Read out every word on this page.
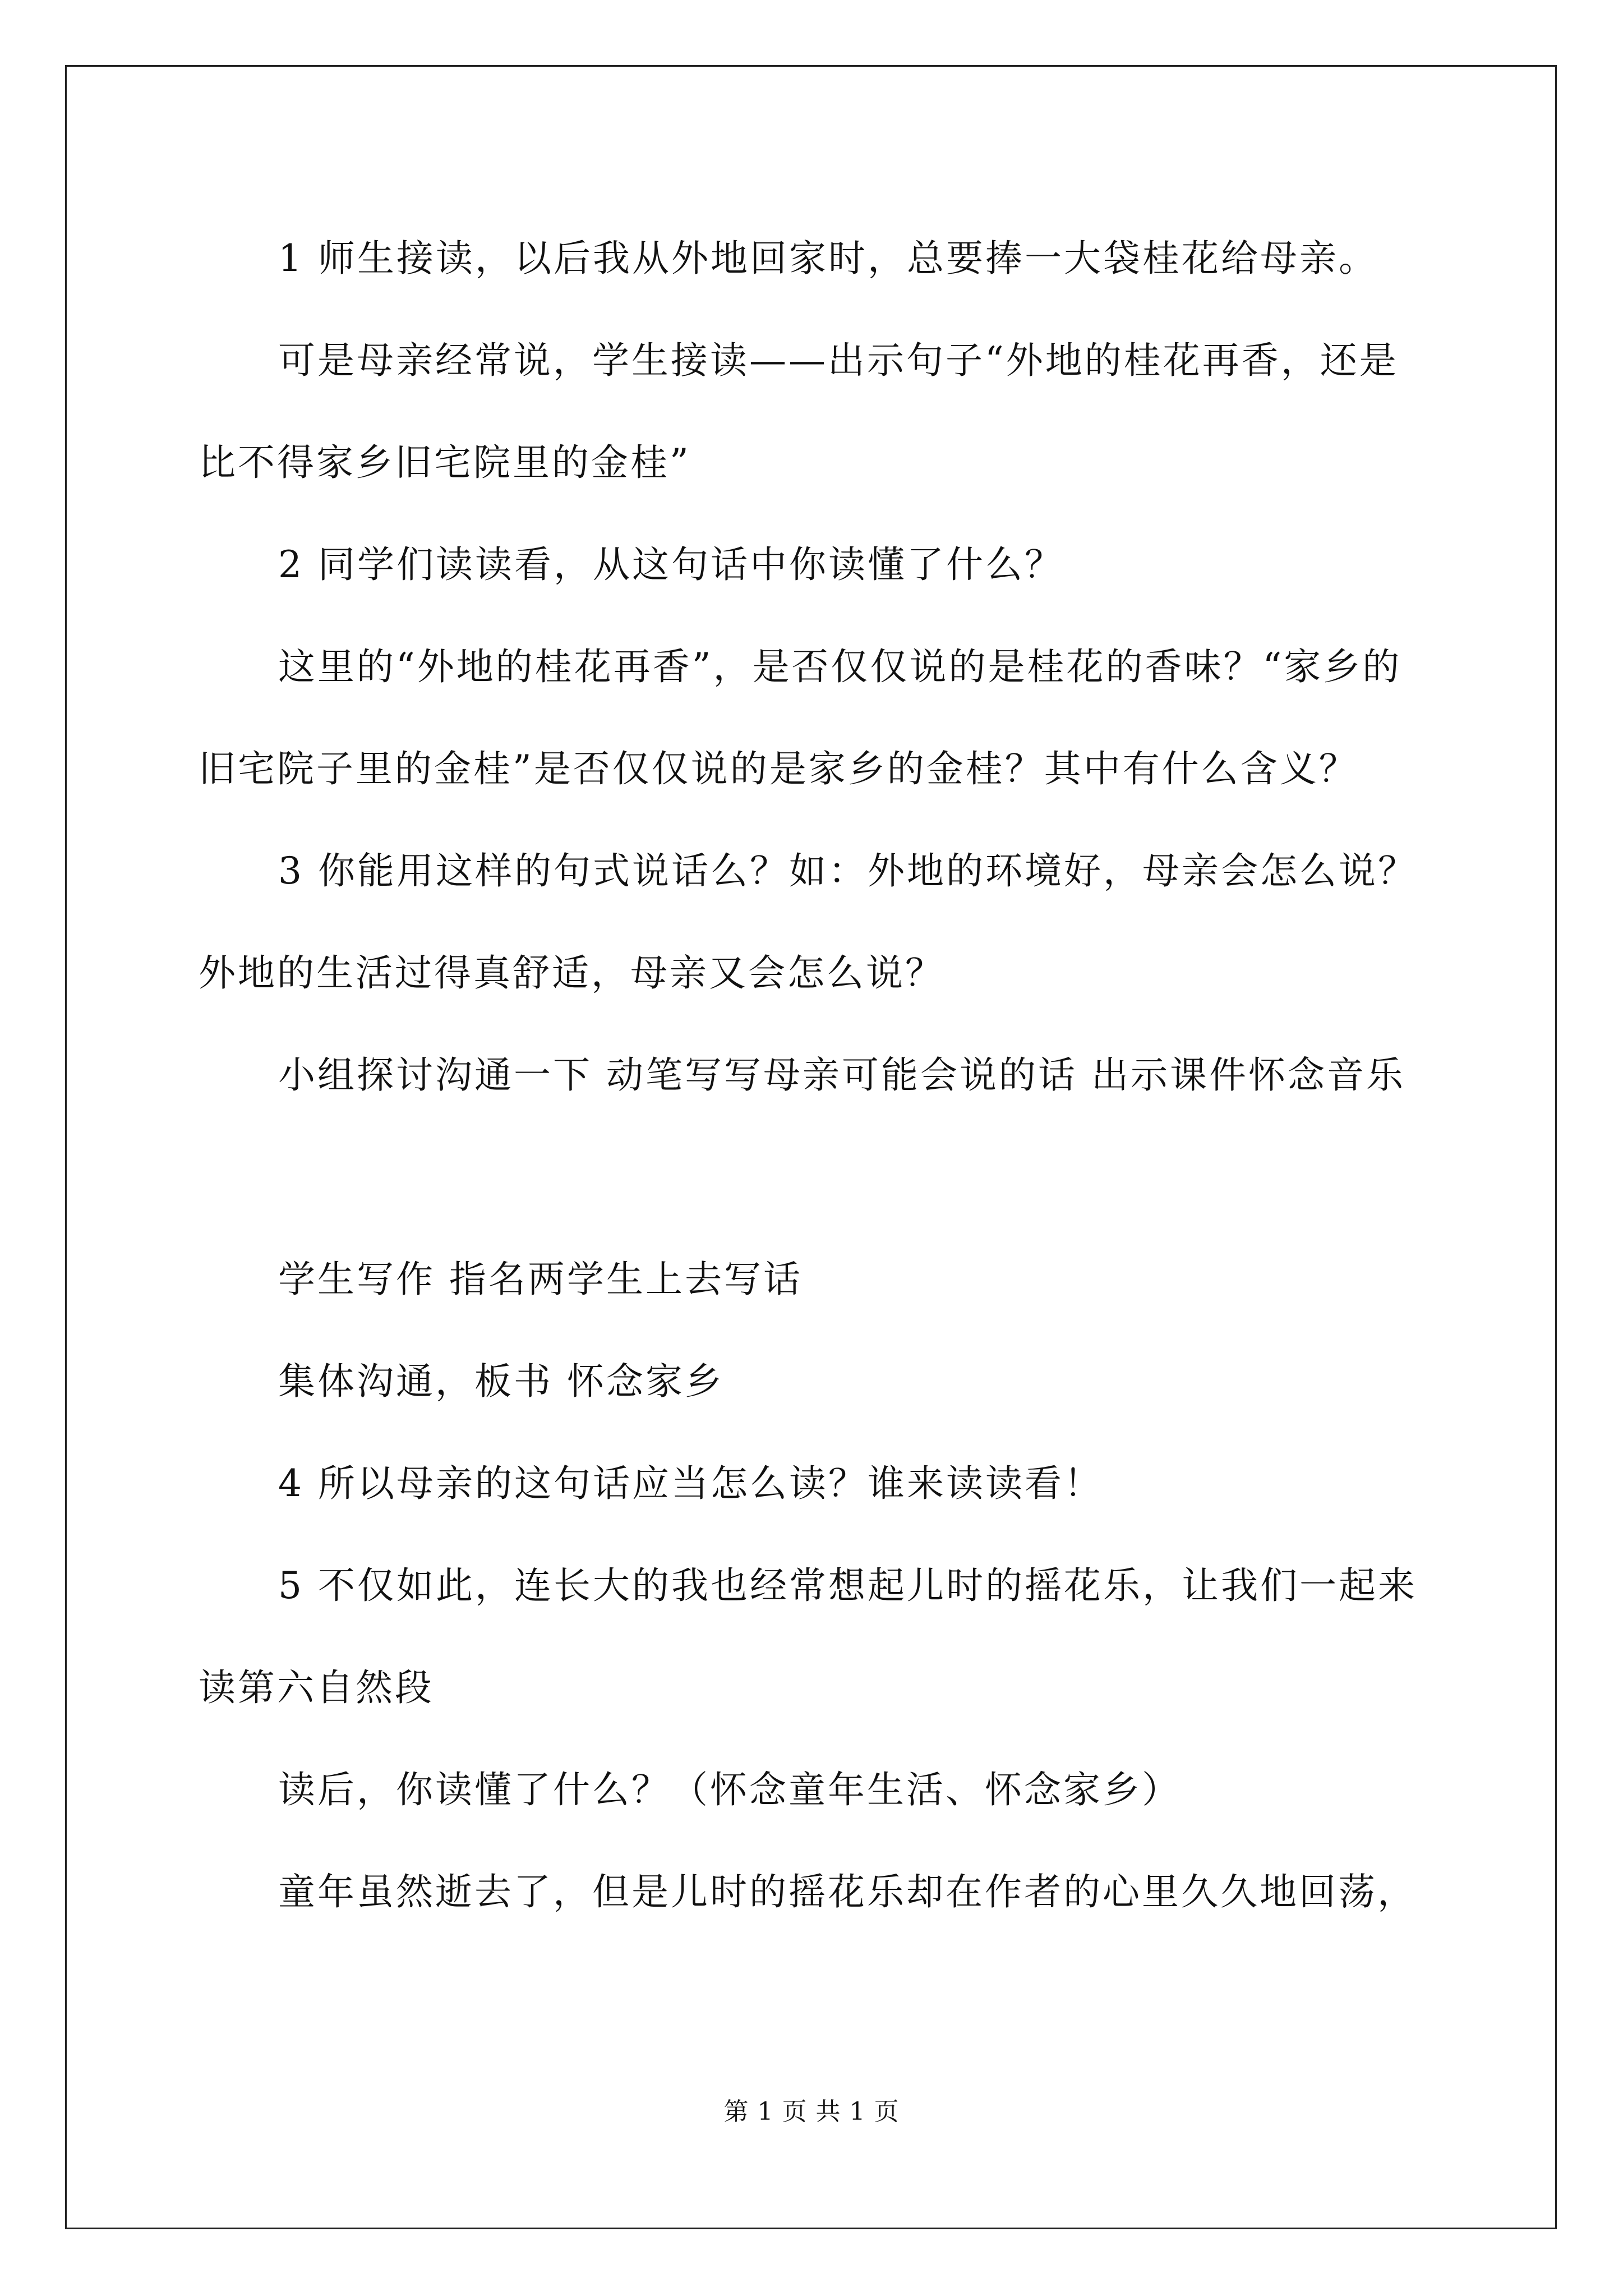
1 师生接读，以后我从外地回家时，总要捧一大袋桂花给母亲。

可是母亲经常说，学生接读——出示句子“外地的桂花再香，还是比不得家乡旧宅院里的金桂”

2 同学们读读看，从这句话中你读懂了什么？

这里的“外地的桂花再香”，是否仅仅说的是桂花的香味？“家乡的旧宅院子里的金桂”是否仅仅说的是家乡的金桂？其中有什么含义？

3 你能用这样的句式说话么？如：外地的环境好，母亲会怎么说？外地的生活过得真舒适，母亲又会怎么说？

小组探讨沟通一下 动笔写写母亲可能会说的话 出示课件怀念音乐

学生写作 指名两学生上去写话

集体沟通，板书 怀念家乡

4 所以母亲的这句话应当怎么读？谁来读读看！

5 不仅如此，连长大的我也经常想起儿时的摇花乐，让我们一起来读第六自然段

读后，你读懂了什么？（怀念童年生活、怀念家乡）

童年虽然逝去了，但是儿时的摇花乐却在作者的心里久久地回荡，

第 1 页 共 1 页
